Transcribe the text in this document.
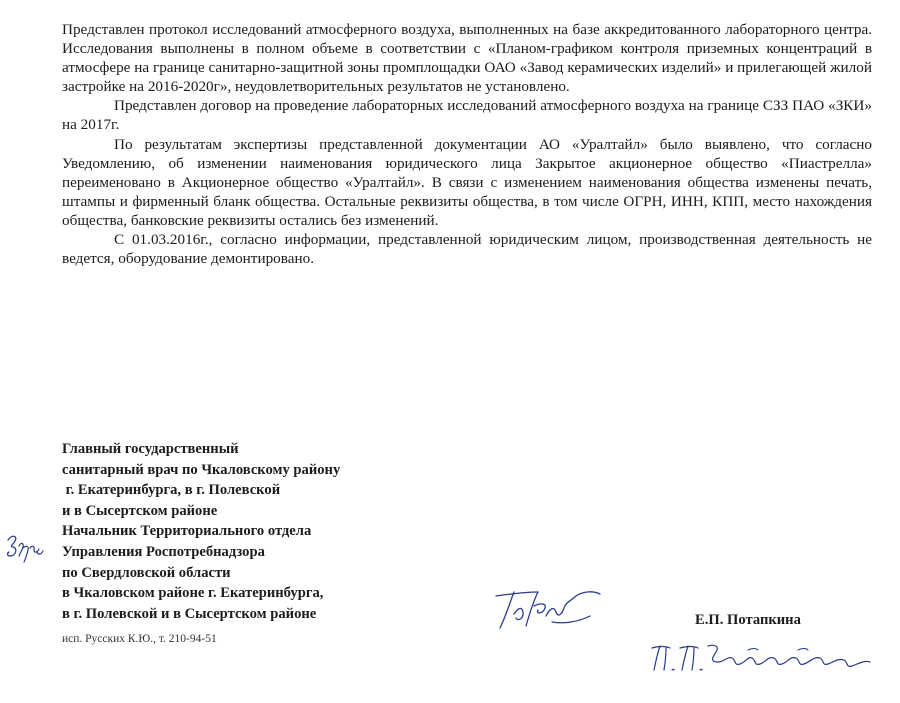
Представлен протокол исследований атмосферного воздуха, выполненных на базе аккредитованного лабораторного центра. Исследования выполнены в полном объеме в соответствии с «Планом-графиком контроля приземных концентраций в атмосфере на границе санитарно-защитной зоны промплощадки ОАО «Завод керамических изделий» и прилегающей жилой застройке на 2016-2020г», неудовлетворительных результатов не установлено.

Представлен договор на проведение лабораторных исследований атмосферного воздуха на границе СЗЗ ПАО «ЗКИ» на 2017г.

По результатам экспертизы представленной документации АО «Уралтайл» было выявлено, что согласно Уведомлению, об изменении наименования юридического лица Закрытое акционерное общество «Пиастрелла» переименовано в Акционерное общество «Уралтайл». В связи с изменением наименования общества изменены печать, штампы и фирменный бланк общества. Остальные реквизиты общества, в том числе ОГРН, ИНН, КПП, место нахождения общества, банковские реквизиты остались без изменений.

С 01.03.2016г., согласно информации, представленной юридическим лицом, производственная деятельность не ведется, оборудование демонтировано.

Главный государственный
санитарный врач по Чкаловскому району
г. Екатеринбурга, в г. Полевской
и в Сысертском районе
Начальник Территориального отдела
Управления Роспотребнадзора
по Свердловской области
в Чкаловском районе г. Екатеринбурга,
в г. Полевской и в Сысертском районе
исп. Русских К.Ю., т. 210-94-51
Е.П. Потапкина
